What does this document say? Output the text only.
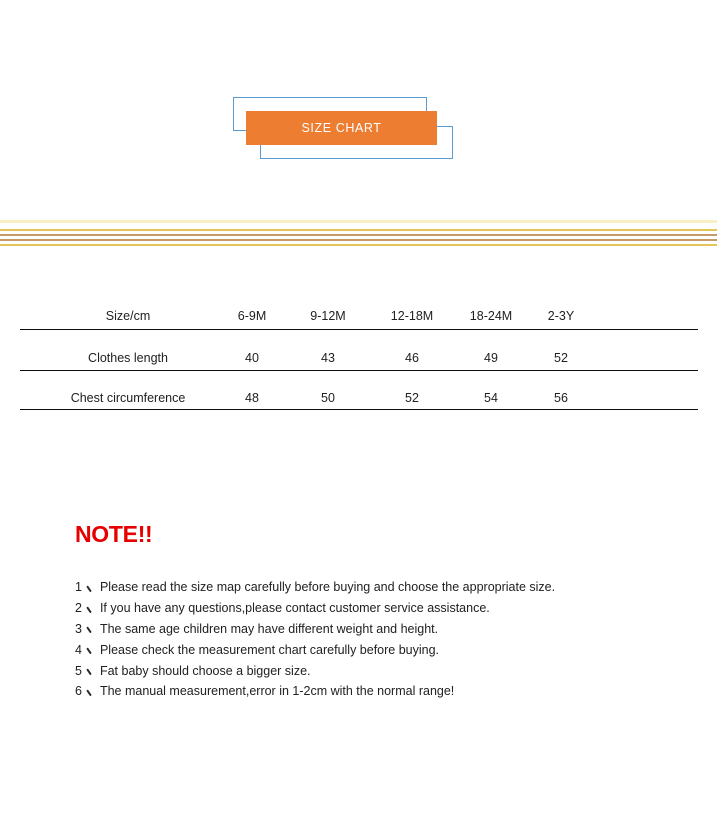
SIZE CHART
Size/cm	6-9M	9-12M	12-18M	18-24M	2-3Y
Clothes length	40	43	46	49	52
Chest circumference	48	50	52	54	56
NOTE!!
1 Please read the size map carefully before buying and choose the appropriate size.
2 If you have any questions,please contact customer service assistance.
3 The same age children may have different weight and height.
4 Please check the measurement chart carefully before buying.
5 Fat baby should choose a bigger size.
6 The manual measurement,error in 1-2cm with the normal range!
